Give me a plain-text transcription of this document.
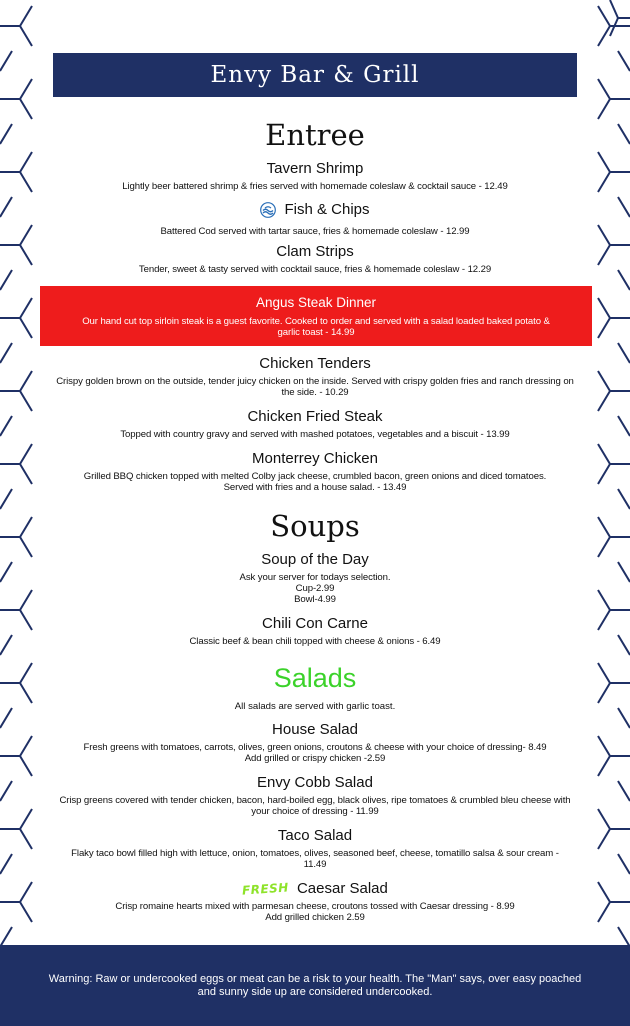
Envy Bar & Grill
Entree
Tavern Shrimp
Lightly beer battered shrimp & fries served with homemade coleslaw & cocktail sauce - 12.49
Fish & Chips
Battered Cod served with tartar sauce, fries & homemade coleslaw - 12.99
Clam Strips
Tender, sweet & tasty served with cocktail sauce, fries & homemade coleslaw - 12.29
Angus Steak Dinner
Our hand cut top sirloin steak is a guest favorite. Cooked to order and served with a salad loaded baked potato &
garlic toast - 14.99
Chicken Tenders
Crispy golden brown on the outside, tender juicy chicken on the inside. Served with crispy golden fries and ranch dressing on
the side. - 10.29
Chicken Fried Steak
Topped with country gravy and served with mashed potatoes, vegetables and a biscuit - 13.99
Monterrey Chicken
Grilled BBQ chicken topped with melted Colby jack cheese, crumbled bacon, green onions and diced tomatoes.
Served with fries and a house salad. - 13.49
Soups
Soup of the Day
Ask your server for todays selection.
Cup-2.99
Bowl-4.99
Chili Con Carne
Classic beef & bean chili topped with cheese & onions - 6.49
Salads
All salads are served with garlic toast.
House Salad
Fresh greens with tomatoes, carrots, olives, green onions, croutons & cheese with your choice of dressing- 8.49
Add grilled or crispy chicken -2.59
Envy Cobb Salad
Crisp greens covered with tender chicken, bacon, hard-boiled egg, black olives, ripe tomatoes & crumbled bleu cheese with
your choice of dressing - 11.99
Taco Salad
Flaky taco bowl filled high with lettuce, onion, tomatoes, olives, seasoned beef, cheese, tomatillo salsa & sour cream -
11.49
FRESH Caesar Salad
Crisp romaine hearts mixed with parmesan cheese, croutons tossed with Caesar dressing - 8.99
Add grilled chicken 2.59
Warning: Raw or undercooked eggs or meat can be a risk to your health. The "Man" says, over easy poached
and sunny side up are considered undercooked.
